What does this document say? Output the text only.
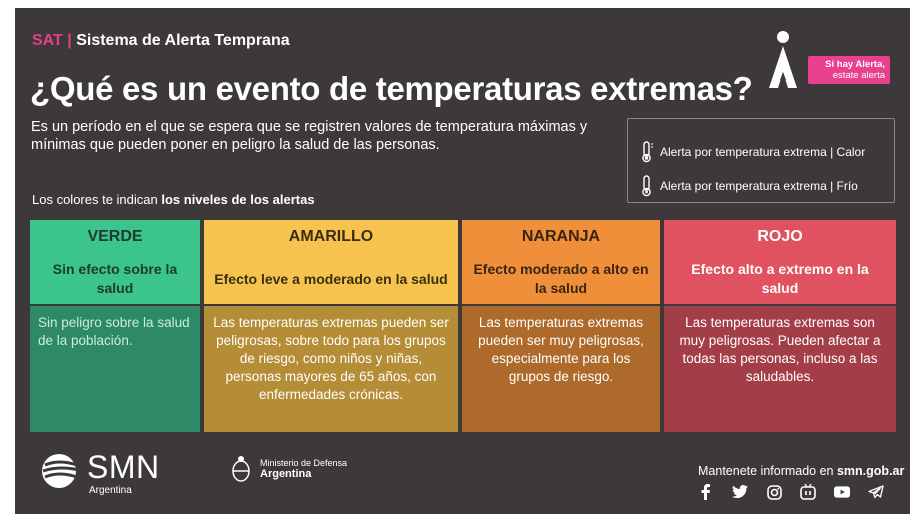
SAT | Sistema de Alerta Temprana
¿Qué es un evento de temperaturas extremas?
Es un período en el que se espera que se registren valores de temperatura máximas y mínimas que pueden poner en peligro la salud de las personas.
Si hay Alerta,
estate alerta
Alerta por temperatura extrema | Calor
Alerta por temperatura extrema | Frío
Los colores te indican los niveles de los alertas
VERDE
Sin efecto sobre la salud
Sin peligro sobre la salud de la población.
AMARILLO
Efecto leve a moderado en la salud
Las temperaturas extremas pueden ser peligrosas, sobre todo para los grupos de riesgo, como niños y niñas, personas mayores de 65 años, con enfermedades crónicas.
NARANJA
Efecto moderado a alto en la salud
Las temperaturas extremas pueden ser muy peligrosas, especialmente para los grupos de riesgo.
ROJO
Efecto alto a extremo en la salud
Las temperaturas extremas son muy peligrosas. Pueden afectar a todas las personas, incluso a las saludables.
SMN
Argentina
Ministerio de Defensa
Argentina	Mantenete informado en smn.gob.ar
